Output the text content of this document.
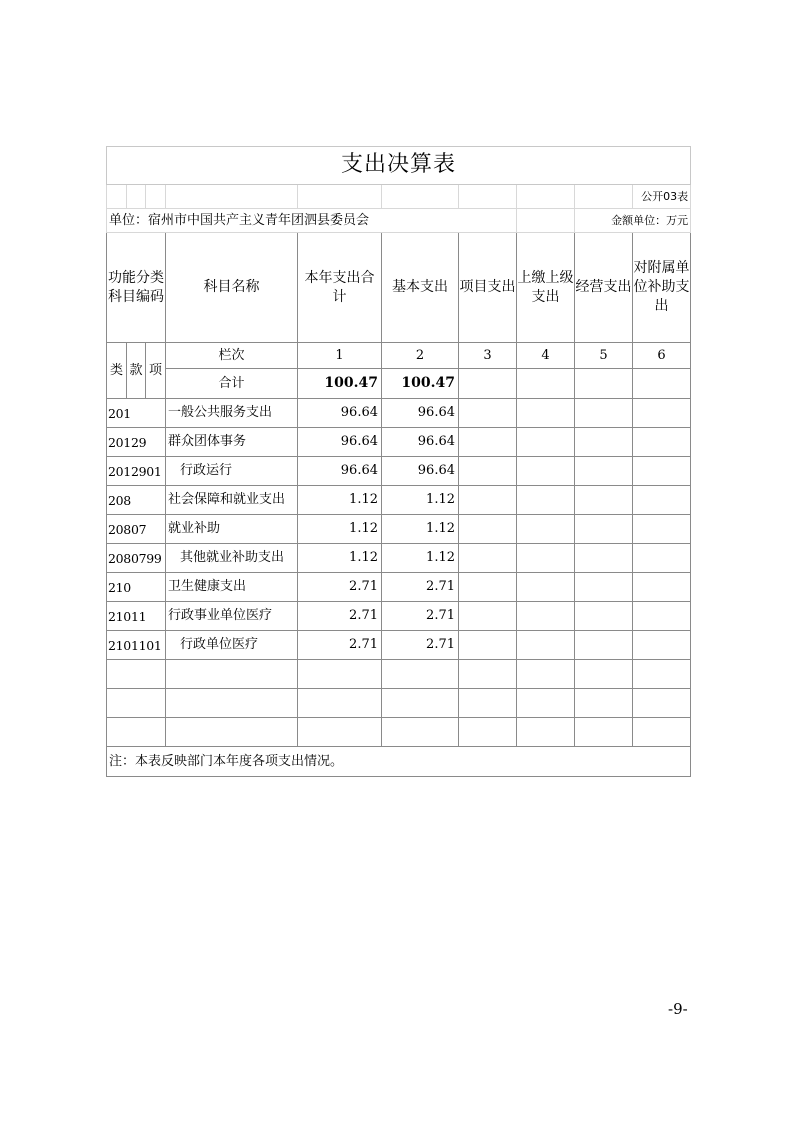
支出决算表									
									公开03表
单位：宿州市中国共产主义青年团泗县委员会								金额单位：万元	
功能分类科目编码			科目名称	本年支出合计	基本支出	项目支出	上缴上级支出	经营支出	对附属单位补助支出
类	款	项	栏次	1	2	3	4	5	6
			合计	100.47	100.47				
201			一般公共服务支出	96.64	96.64				
20129			群众团体事务	96.64	96.64				
2012901			行政运行	96.64	96.64				
208			社会保障和就业支出	1.12	1.12				
20807			就业补助	1.12	1.12				
2080799			其他就业补助支出	1.12	1.12				
210			卫生健康支出	2.71	2.71				
21011			行政事业单位医疗	2.71	2.71				
2101101			行政单位医疗	2.71	2.71				

注：本表反映部门本年度各项支出情况。									
-9-
